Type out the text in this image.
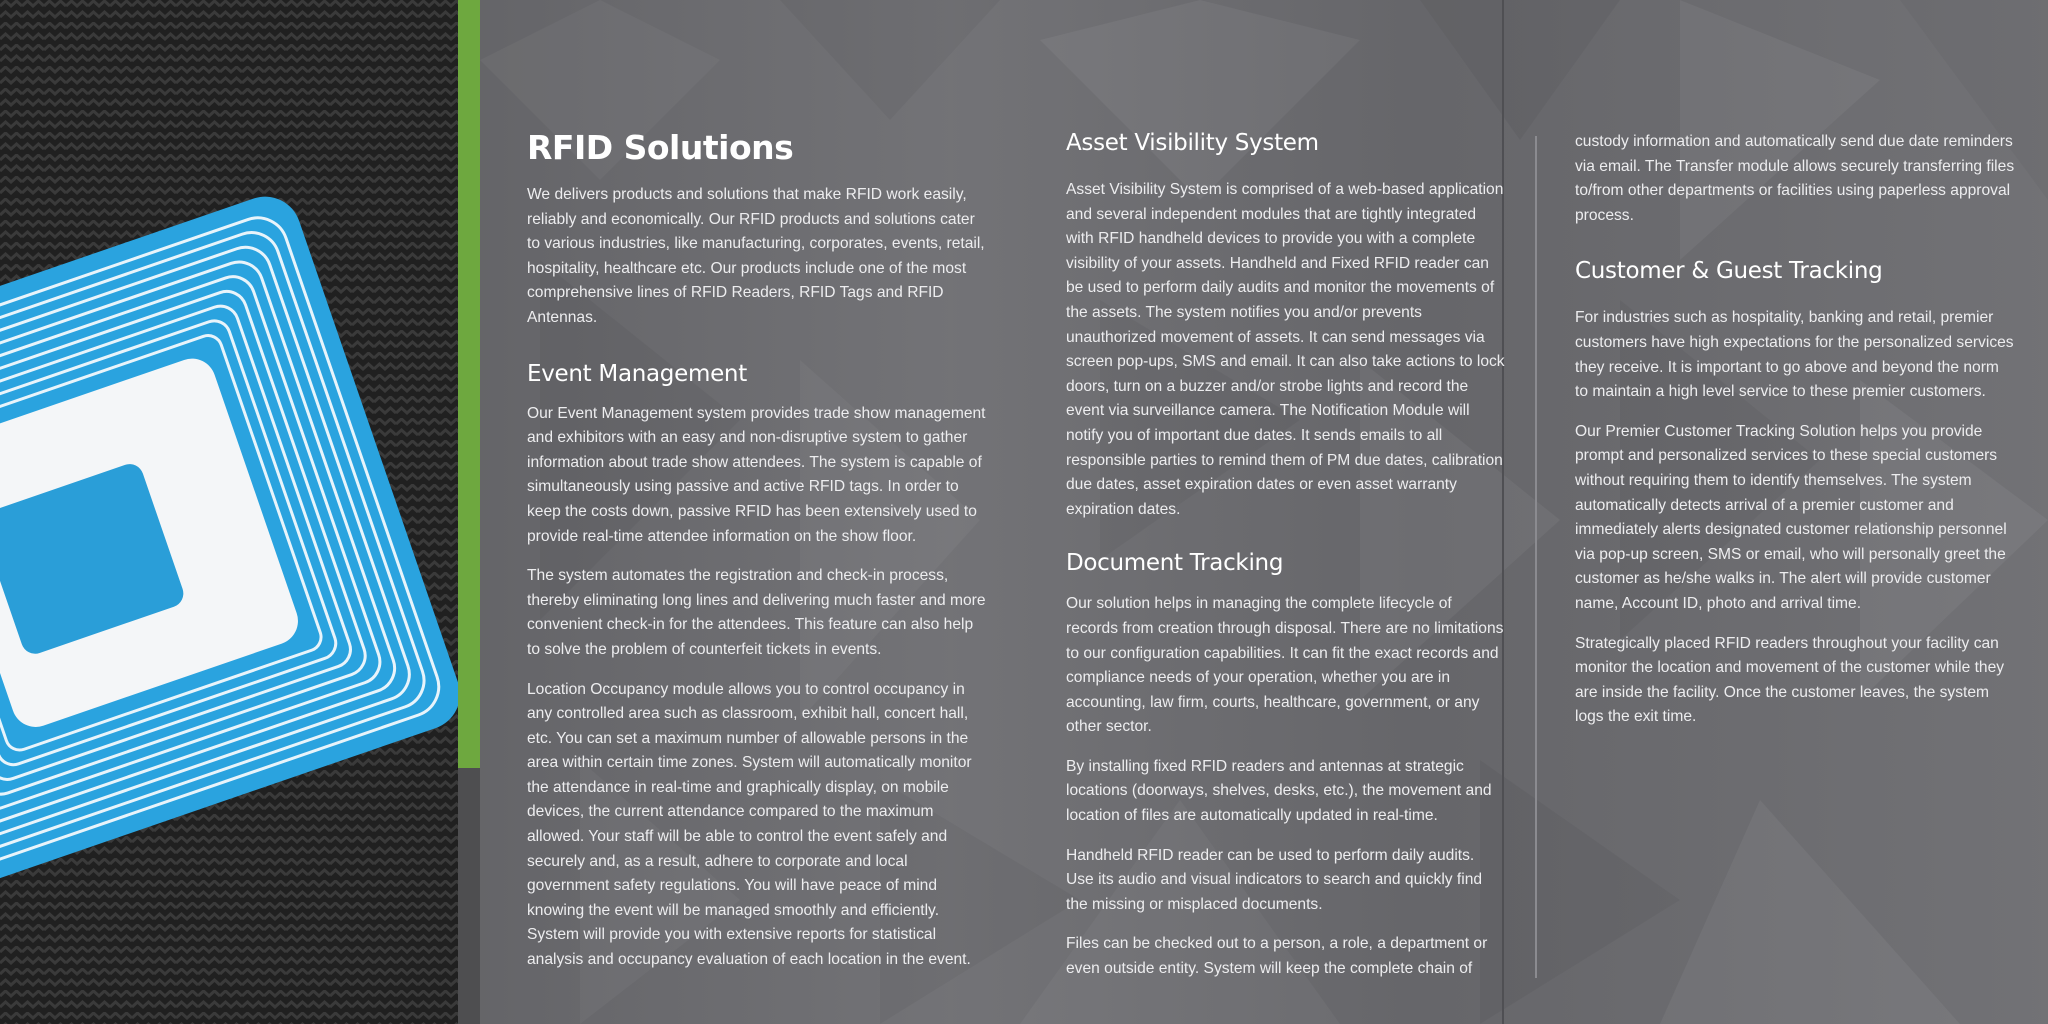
RFID Solutions

We delivers products and solutions that make RFID work easily, reliably and economically. Our RFID products and solutions cater to various industries, like manufacturing, corporates, events, retail, hospitality, healthcare etc. Our products include one of the most comprehensive lines of RFID Readers, RFID Tags and RFID Antennas.

Event Management

Our Event Management system provides trade show management and exhibitors with an easy and non-disruptive system to gather information about trade show attendees. The system is capable of simultaneously using passive and active RFID tags. In order to keep the costs down, passive RFID has been extensively used to provide real-time attendee information on the show floor.

The system automates the registration and check-in process, thereby eliminating long lines and delivering much faster and more convenient check-in for the attendees. This feature can also help to solve the problem of counterfeit tickets in events.

Location Occupancy module allows you to control occupancy in any controlled area such as classroom, exhibit hall, concert hall, etc. You can set a maximum number of allowable persons in the area within certain time zones. System will automatically monitor the attendance in real-time and graphically display, on mobile devices, the current attendance compared to the maximum allowed. Your staff will be able to control the event safely and securely and, as a result, adhere to corporate and local government safety regulations. You will have peace of mind knowing the event will be managed smoothly and efficiently. System will provide you with extensive reports for statistical analysis and occupancy evaluation of each location in the event.

Asset Visibility System

Asset Visibility System is comprised of a web-based application and several independent modules that are tightly integrated with RFID handheld devices to provide you with a complete visibility of your assets. Handheld and Fixed RFID reader can be used to perform daily audits and monitor the movements of the assets. The system notifies you and/or prevents unauthorized movement of assets. It can send messages via screen pop-ups, SMS and email. It can also take actions to lock doors, turn on a buzzer and/or strobe lights and record the event via surveillance camera. The Notification Module will notify you of important due dates. It sends emails to all responsible parties to remind them of PM due dates, calibration due dates, asset expiration dates or even asset warranty expiration dates.

Document Tracking

Our solution helps in managing the complete lifecycle of records from creation through disposal. There are no limitations to our configuration capabilities. It can fit the exact records and compliance needs of your operation, whether you are in accounting, law firm, courts, healthcare, government, or any other sector.

By installing fixed RFID readers and antennas at strategic locations (doorways, shelves, desks, etc.), the movement and location of files are automatically updated in real-time.

Handheld RFID reader can be used to perform daily audits. Use its audio and visual indicators to search and quickly find the missing or misplaced documents.

Files can be checked out to a person, a role, a department or even outside entity. System will keep the complete chain of

custody information and automatically send due date reminders via email. The Transfer module allows securely transferring files to/from other departments or facilities using paperless approval process.

Customer & Guest Tracking

For industries such as hospitality, banking and retail, premier customers have high expectations for the personalized services they receive. It is important to go above and beyond the norm to maintain a high level service to these premier customers.

Our Premier Customer Tracking Solution helps you provide prompt and personalized services to these special customers without requiring them to identify themselves. The system automatically detects arrival of a premier customer and immediately alerts designated customer relationship personnel via pop-up screen, SMS or email, who will personally greet the customer as he/she walks in. The alert will provide customer name, Account ID, photo and arrival time.

Strategically placed RFID readers throughout your facility can monitor the location and movement of the customer while they are inside the facility. Once the customer leaves, the system logs the exit time.
